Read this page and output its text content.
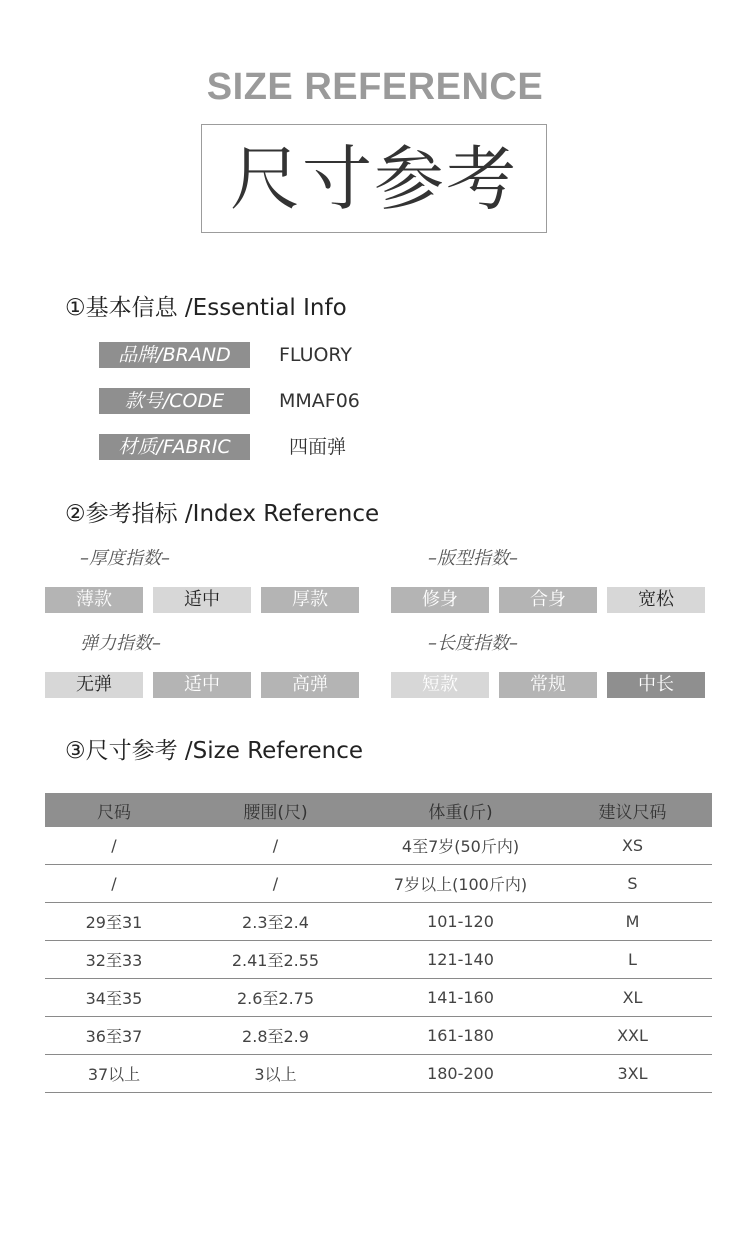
SIZE REFERENCE
尺寸参考
①基本信息 /Essential Info
品牌/BRAND	FLUORY
款号/CODE	MMAF06
材质/FABRIC	四面弹
②参考指标 /Index Reference
–厚度指数–	–版型指数–
薄款	适中	厚款	修身	合身	宽松
弹力指数–	–长度指数–
无弹	适中	高弹	短款	常规	中长
③尺寸参考 /Size Reference
尺码	腰围(尺)	体重(斤)	建议尺码
/	/	4至7岁(50斤内)	XS
/	/	7岁以上(100斤内)	S
29至31	2.3至2.4	101-120	M
32至33	2.41至2.55	121-140	L
34至35	2.6至2.75	141-160	XL
36至37	2.8至2.9	161-180	XXL
37以上	3以上	180-200	3XL
